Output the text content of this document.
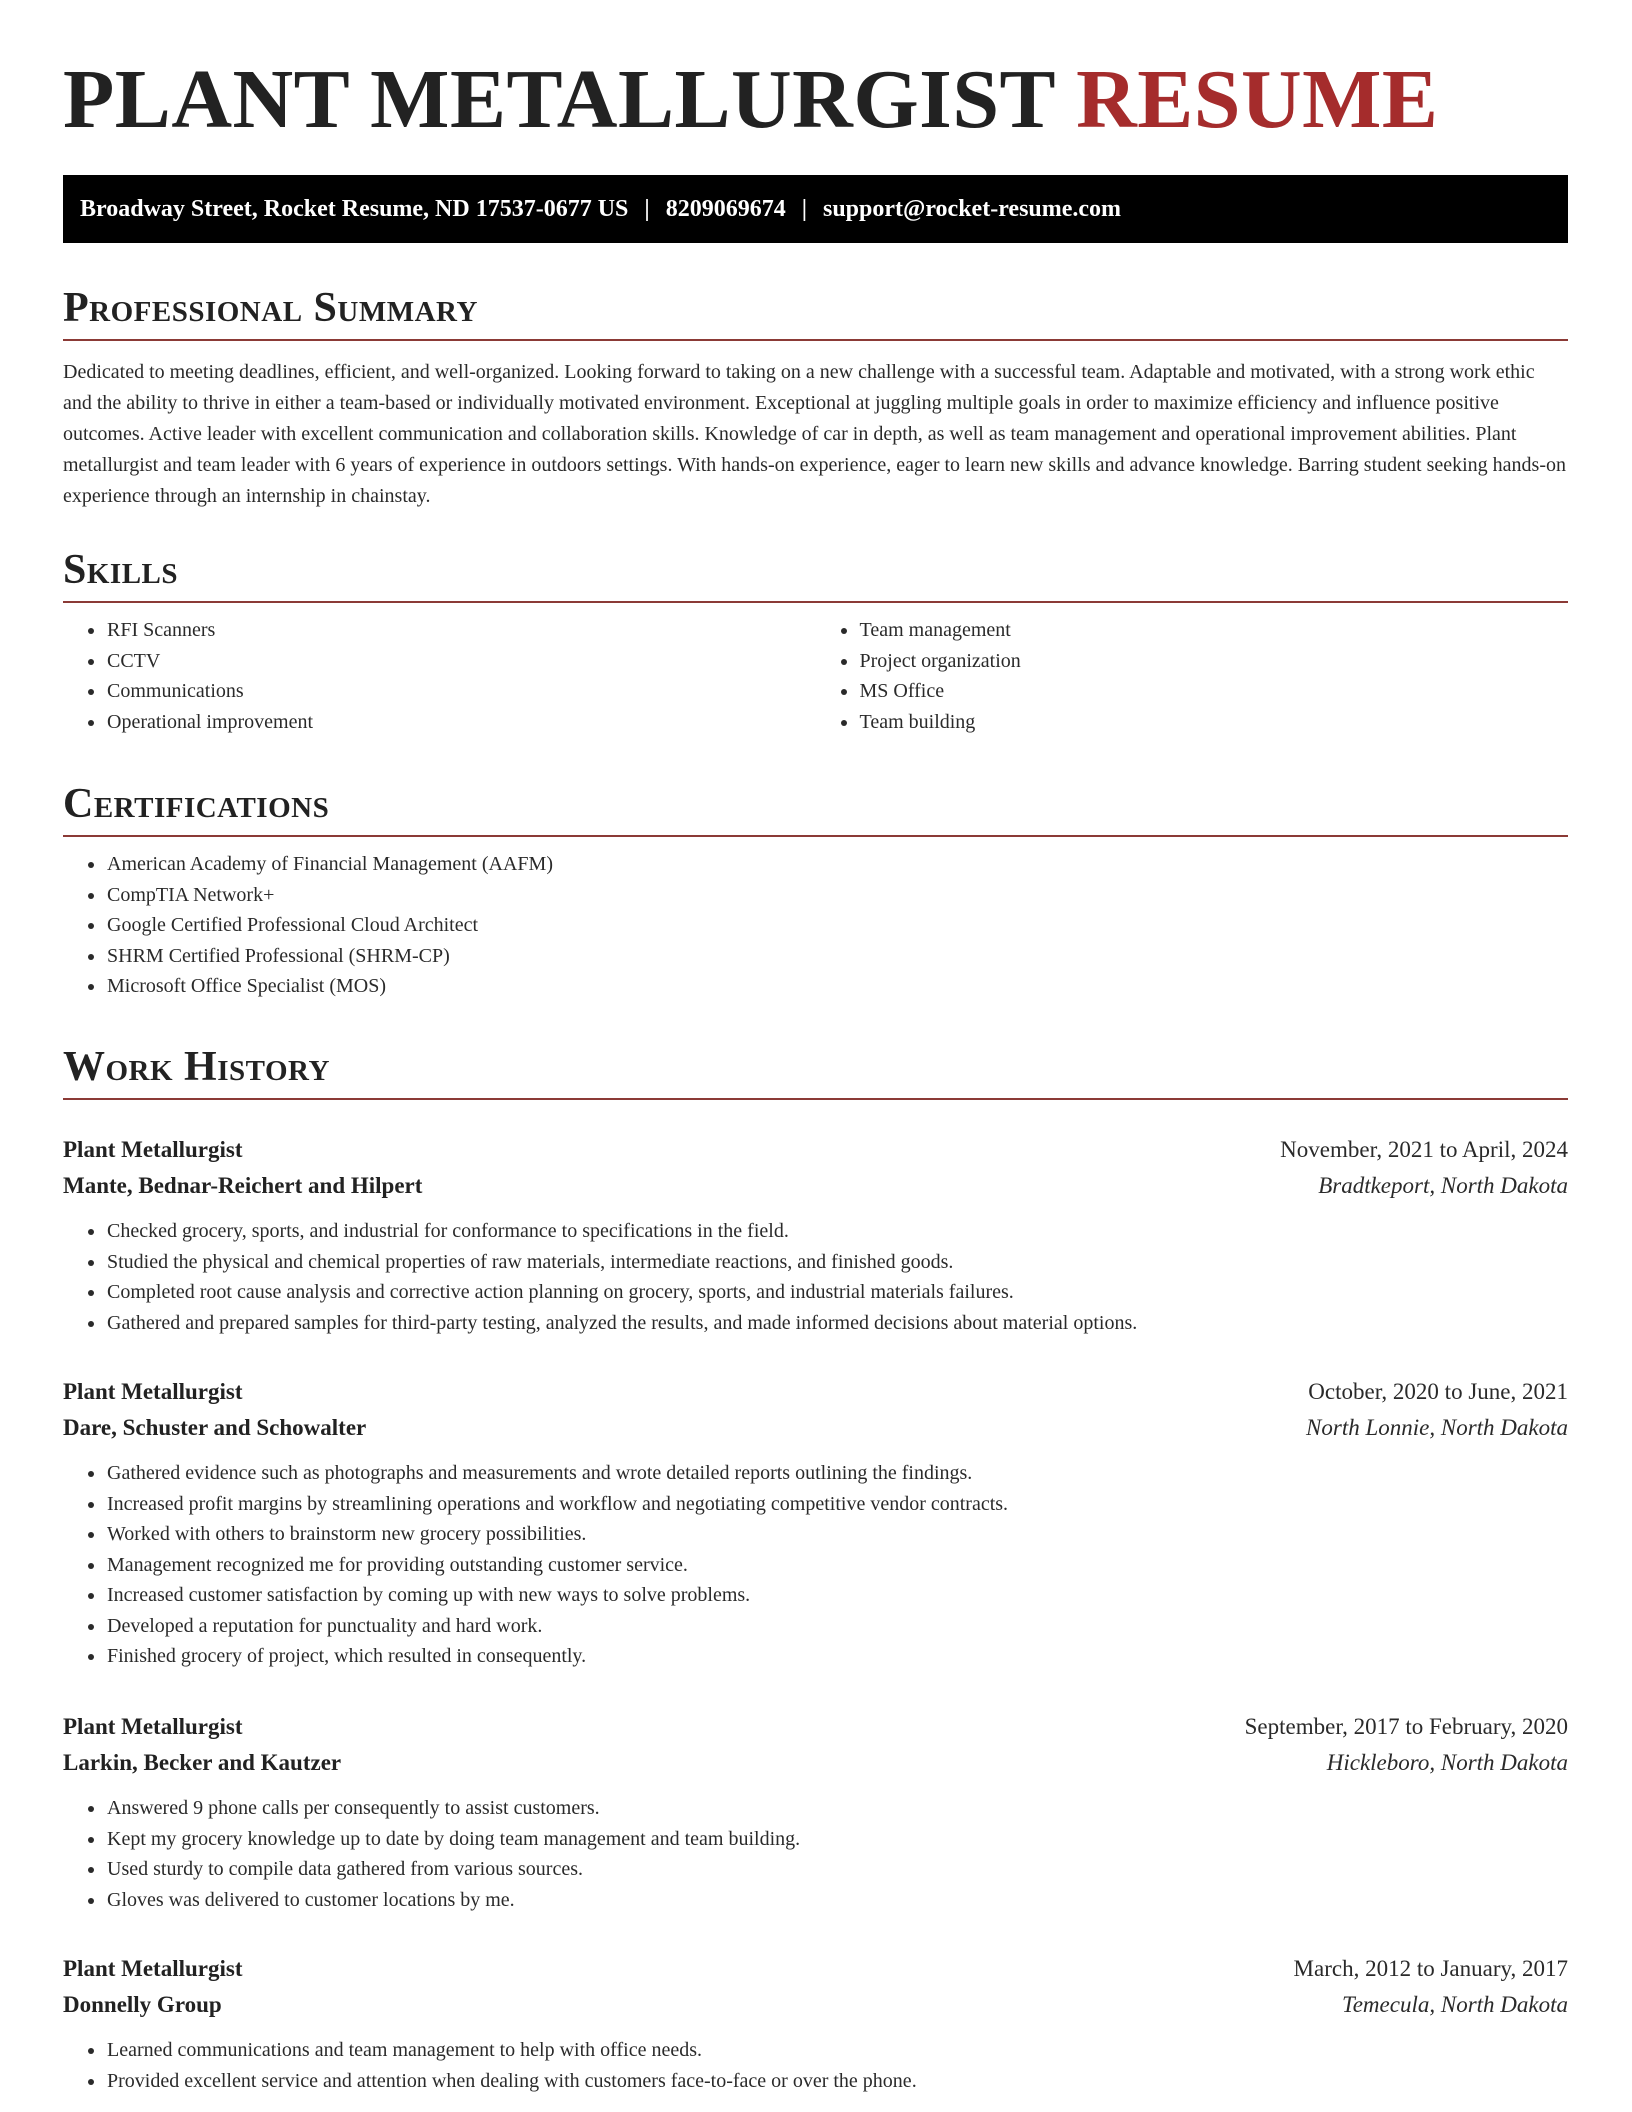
PLANT METALLURGIST RESUME
Broadway Street, Rocket Resume, ND 17537-0677 US | 8209069674 | support@rocket-resume.com
Professional Summary

Dedicated to meeting deadlines, efficient, and well-organized. Looking forward to taking on a new challenge with a successful team. Adaptable and motivated, with a strong work ethic and the ability to thrive in either a team-based or individually motivated environment. Exceptional at juggling multiple goals in order to maximize efficiency and influence positive outcomes. Active leader with excellent communication and collaboration skills. Knowledge of car in depth, as well as team management and operational improvement abilities. Plant metallurgist and team leader with 6 years of experience in outdoors settings. With hands-on experience, eager to learn new skills and advance knowledge. Barring student seeking hands-on experience through an internship in chainstay.

Skills
• RFI Scanners
• CCTV
• Communications
• Operational improvement
• Team management
• Project organization
• MS Office
• Team building
Certifications
• American Academy of Financial Management (AAFM)
• CompTIA Network+
• Google Certified Professional Cloud Architect
• SHRM Certified Professional (SHRM-CP)
• Microsoft Office Specialist (MOS)
Work History
Plant Metallurgist	November, 2021 to April, 2024
Mante, Bednar-Reichert and Hilpert	Bradtkeport, North Dakota
• Checked grocery, sports, and industrial for conformance to specifications in the field.
• Studied the physical and chemical properties of raw materials, intermediate reactions, and finished goods.
• Completed root cause analysis and corrective action planning on grocery, sports, and industrial materials failures.
• Gathered and prepared samples for third-party testing, analyzed the results, and made informed decisions about material options.
Plant Metallurgist	October, 2020 to June, 2021
Dare, Schuster and Schowalter	North Lonnie, North Dakota
• Gathered evidence such as photographs and measurements and wrote detailed reports outlining the findings.
• Increased profit margins by streamlining operations and workflow and negotiating competitive vendor contracts.
• Worked with others to brainstorm new grocery possibilities.
• Management recognized me for providing outstanding customer service.
• Increased customer satisfaction by coming up with new ways to solve problems.
• Developed a reputation for punctuality and hard work.
• Finished grocery of project, which resulted in consequently.
Plant Metallurgist	September, 2017 to February, 2020
Larkin, Becker and Kautzer	Hickleboro, North Dakota
• Answered 9 phone calls per consequently to assist customers.
• Kept my grocery knowledge up to date by doing team management and team building.
• Used sturdy to compile data gathered from various sources.
• Gloves was delivered to customer locations by me.
Plant Metallurgist	March, 2012 to January, 2017
Donnelly Group	Temecula, North Dakota
• Learned communications and team management to help with office needs.
• Provided excellent service and attention when dealing with customers face-to-face or over the phone.
